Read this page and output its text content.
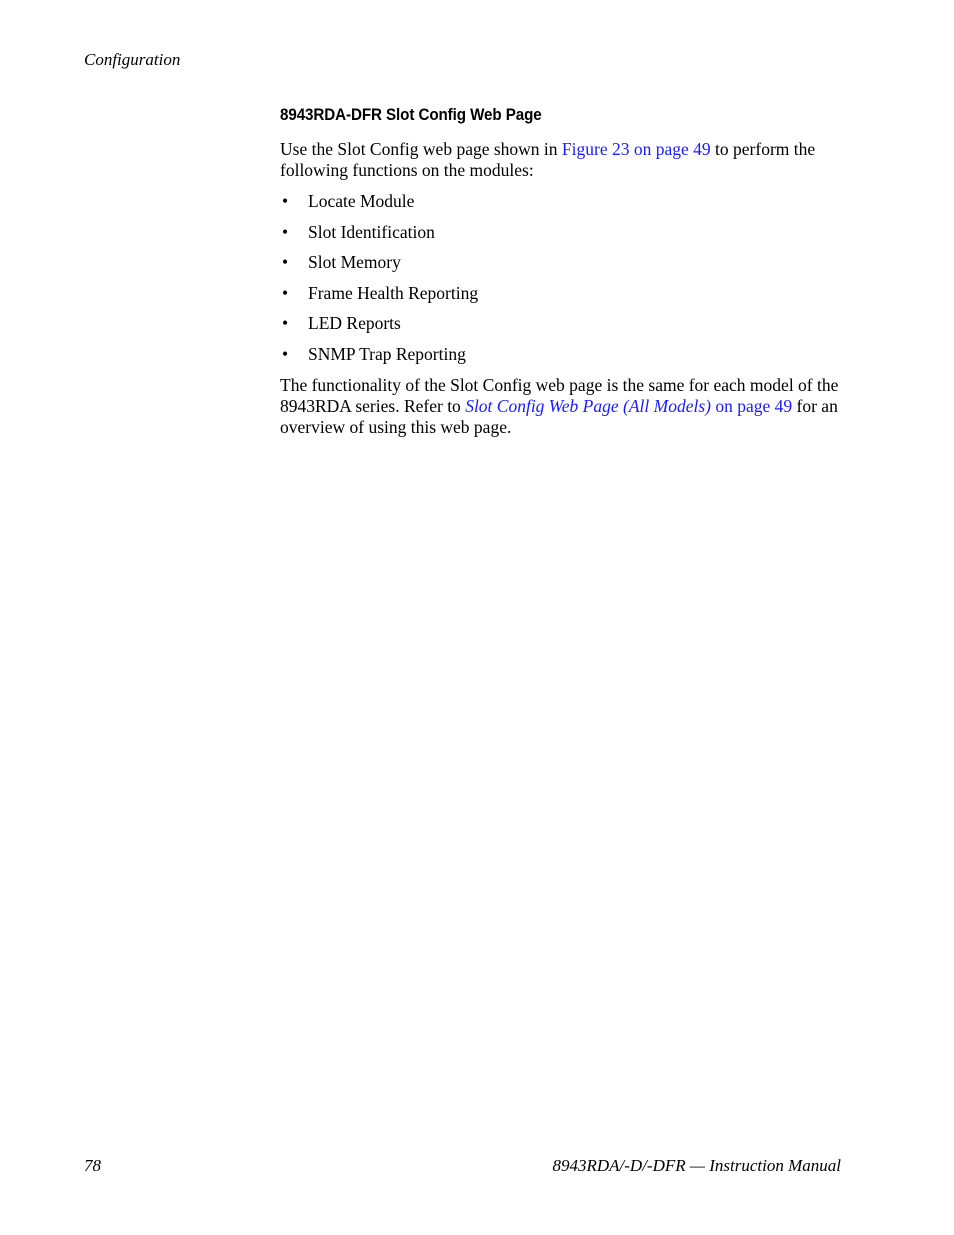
Configuration
8943RDA-DFR Slot Config Web Page

Use the Slot Config web page shown in Figure 23 on page 49 to perform the following functions on the modules:

• Locate Module
• Slot Identification
• Slot Memory
• Frame Health Reporting
• LED Reports
• SNMP Trap Reporting

The functionality of the Slot Config web page is the same for each model of the 8943RDA series. Refer to Slot Config Web Page (All Models) on page 49 for an overview of using this web page.

78	8943RDA/-D/-DFR — Instruction Manual
